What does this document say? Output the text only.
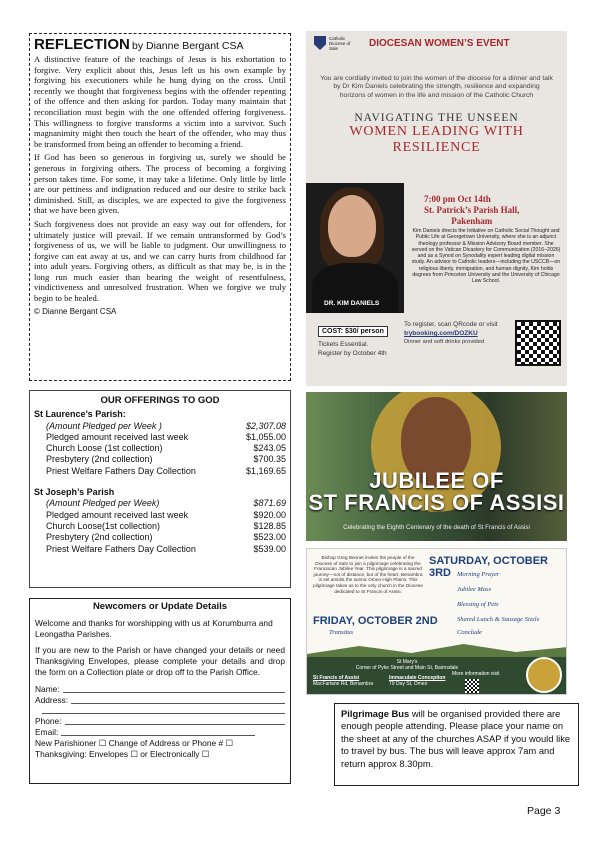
REFLECTION by Dianne Bergant CSA

A distinctive feature of the teachings of Jesus is his exhortation to forgive. Very explicit about this, Jesus left us his own example by forgiving his executioners while he hung dying on the cross. Until recently we thought that forgiveness begins with the offender repenting of the offence and then asking for pardon. Today many maintain that reconciliation must begin with the one offended offering forgiveness. This willingness to forgive transforms a victim into a survivor. Such magnanimity might then touch the heart of the offender, who may thus be transformed from being an offender to becoming a friend.

If God has been so generous in forgiving us, surely we should be generous in forgiving others. The process of becoming a forgiving person takes time. For some, it may take a lifetime. Only little by little are our pettiness and indignation reduced and our desire to strike back diminished. Still, as disciples, we are expected to give the forgiveness that we have been given.

Such forgiveness does not provide an easy way out for offenders, for ultimately justice will prevail. If we remain untransformed by God’s forgiveness of us, we will be liable to judgment. Our unwillingness to forgive can eat away at us, and we can carry hurts from childhood far into adult years. Forgiving others, as difficult as that may be, is in the long run much easier than bearing the weight of resentfulness, vindictiveness and unresolved frustration. When we forgive we truly begin to be healed.

© Dianne Bergant CSA
OUR OFFERINGS TO GOD
St Laurence’s Parish:
(Amount Pledged per Week )	$2,307.08
Pledged amount received last week	$1,055.00
Church Loose (1st collection)	$243.05
Presbytery (2nd collection)	$700.35
Priest Welfare Fathers Day Collection	$1,169.65
St Joseph’s Parish
(Amount Pledged per Week)	$871.69
Pledged amount received last week	$920.00
Church Loose(1st collection)	$128.85
Presbytery (2nd collection)	$523.00
Priest Welfare Fathers Day Collection	$539.00
Newcomers or Update Details
Welcome and thanks for worshipping with us at Korumburra and Leongatha Parishes.
If you are new to the Parish or have changed your details or need Thanksgiving Envelopes, please complete your details and drop the form on a Collection plate or drop off to the Parish Office.
Name:
Address:
Phone:
Email:
New Parishioner ☐ Change of Address or Phone # ☐
Thanksgiving: Envelopes ☐ or Electronically ☐
Catholic Diocese of Sale	DIOCESAN WOMEN’S EVENT
You are cordially invited to join the women of the diocese for a dinner and talk by Dr Kim Daniels celebrating the strength, resilience and expanding horizons of women in the life and mission of the Catholic Church
NAVIGATING THE UNSEEN
WOMEN LEADING WITH
RESILIENCE
DR. KIM DANIELS
7:00 pm Oct 14th
St. Patrick’s Parish Hall,
Pakenham
Kim Daniels directs the Initiative on Catholic Social Thought and Public Life at Georgetown University, where she is an adjunct theology professor & Mission Advisory Board member. She served on the Vatican Dicastery for Communication (2016–2026) and as a Synod on Synodality expert leading digital mission study. An advisor to Catholic leaders—including the USCCB—on religious liberty, immigration, and human dignity, Kim holds degrees from Princeton University and the University of Chicago Law School.
COST: $30/ person
Tickets Essential.
Register by October 4th
To register, scan QRcode or visit
trybooking.com/DOZKU
Dinner and soft drinks provided
JUBILEE OF
ST FRANCIS OF ASSISI
Celebrating the Eighth Centenary of the death of St Francis of Assisi
Bishop Greg Bennet invites the people of the Diocese of Sale to join a pilgrimage celebrating the Franciscan Jubilee Year. This pilgrimage is a sacred journey—not of distance, but of the heart. Benambra is set amidst the scenic Omeo High Plains. This pilgrimage takes us to the only church in the Diocese dedicated to St Francis of Assisi.
SATURDAY, OCTOBER 3RD Morning Prayer
Jubilee Mass
Blessing of Pets
Shared Lunch & Sausage Sizzle
Conclude
FRIDAY, OCTOBER 2ND
Transitus
St Mary’s
Corner of Pyke Street and Main St, Bairnsdale
St Francis of Assisi
MacFarlane Rd, Benambra
Immaculate Conception
79 Day St, Omeo
More information visit
Pilgrimage Bus will be organised provided there are enough people attending. Please place your name on the sheet at any of the churches ASAP if you would like to travel by bus. The bus will leave approx 7am and return approx 8.30pm.
Page 3
